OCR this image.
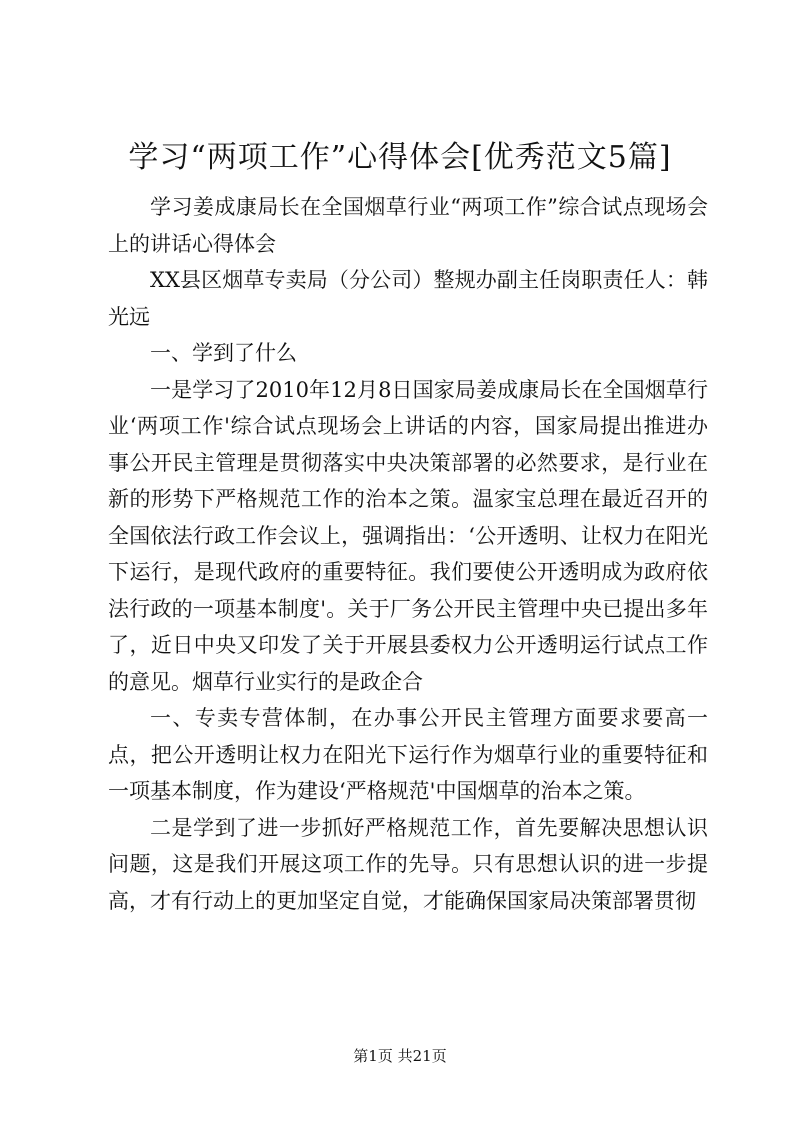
学习“两项工作”心得体会[优秀范文5篇]

学习姜成康局长在全国烟草行业“两项工作”综合试点现场会上的讲话心得体会

XX县区烟草专卖局（分公司）整规办副主任岗职责任人：韩光远

一、学到了什么

一是学习了2010年12月8日国家局姜成康局长在全国烟草行业‘两项工作'综合试点现场会上讲话的内容，国家局提出推进办事公开民主管理是贯彻落实中央决策部署的必然要求，是行业在新的形势下严格规范工作的治本之策。温家宝总理在最近召开的全国依法行政工作会议上，强调指出：‘公开透明、让权力在阳光下运行，是现代政府的重要特征。我们要使公开透明成为政府依法行政的一项基本制度'。关于厂务公开民主管理中央已提出多年了，近日中央又印发了关于开展县委权力公开透明运行试点工作的意见。烟草行业实行的是政企合

一、专卖专营体制，在办事公开民主管理方面要求要高一点，把公开透明让权力在阳光下运行作为烟草行业的重要特征和一项基本制度，作为建设‘严格规范'中国烟草的治本之策。

二是学到了进一步抓好严格规范工作，首先要解决思想认识问题，这是我们开展这项工作的先导。只有思想认识的进一步提高，才有行动上的更加坚定自觉，才能确保国家局决策部署贯彻

第1页 共21页
